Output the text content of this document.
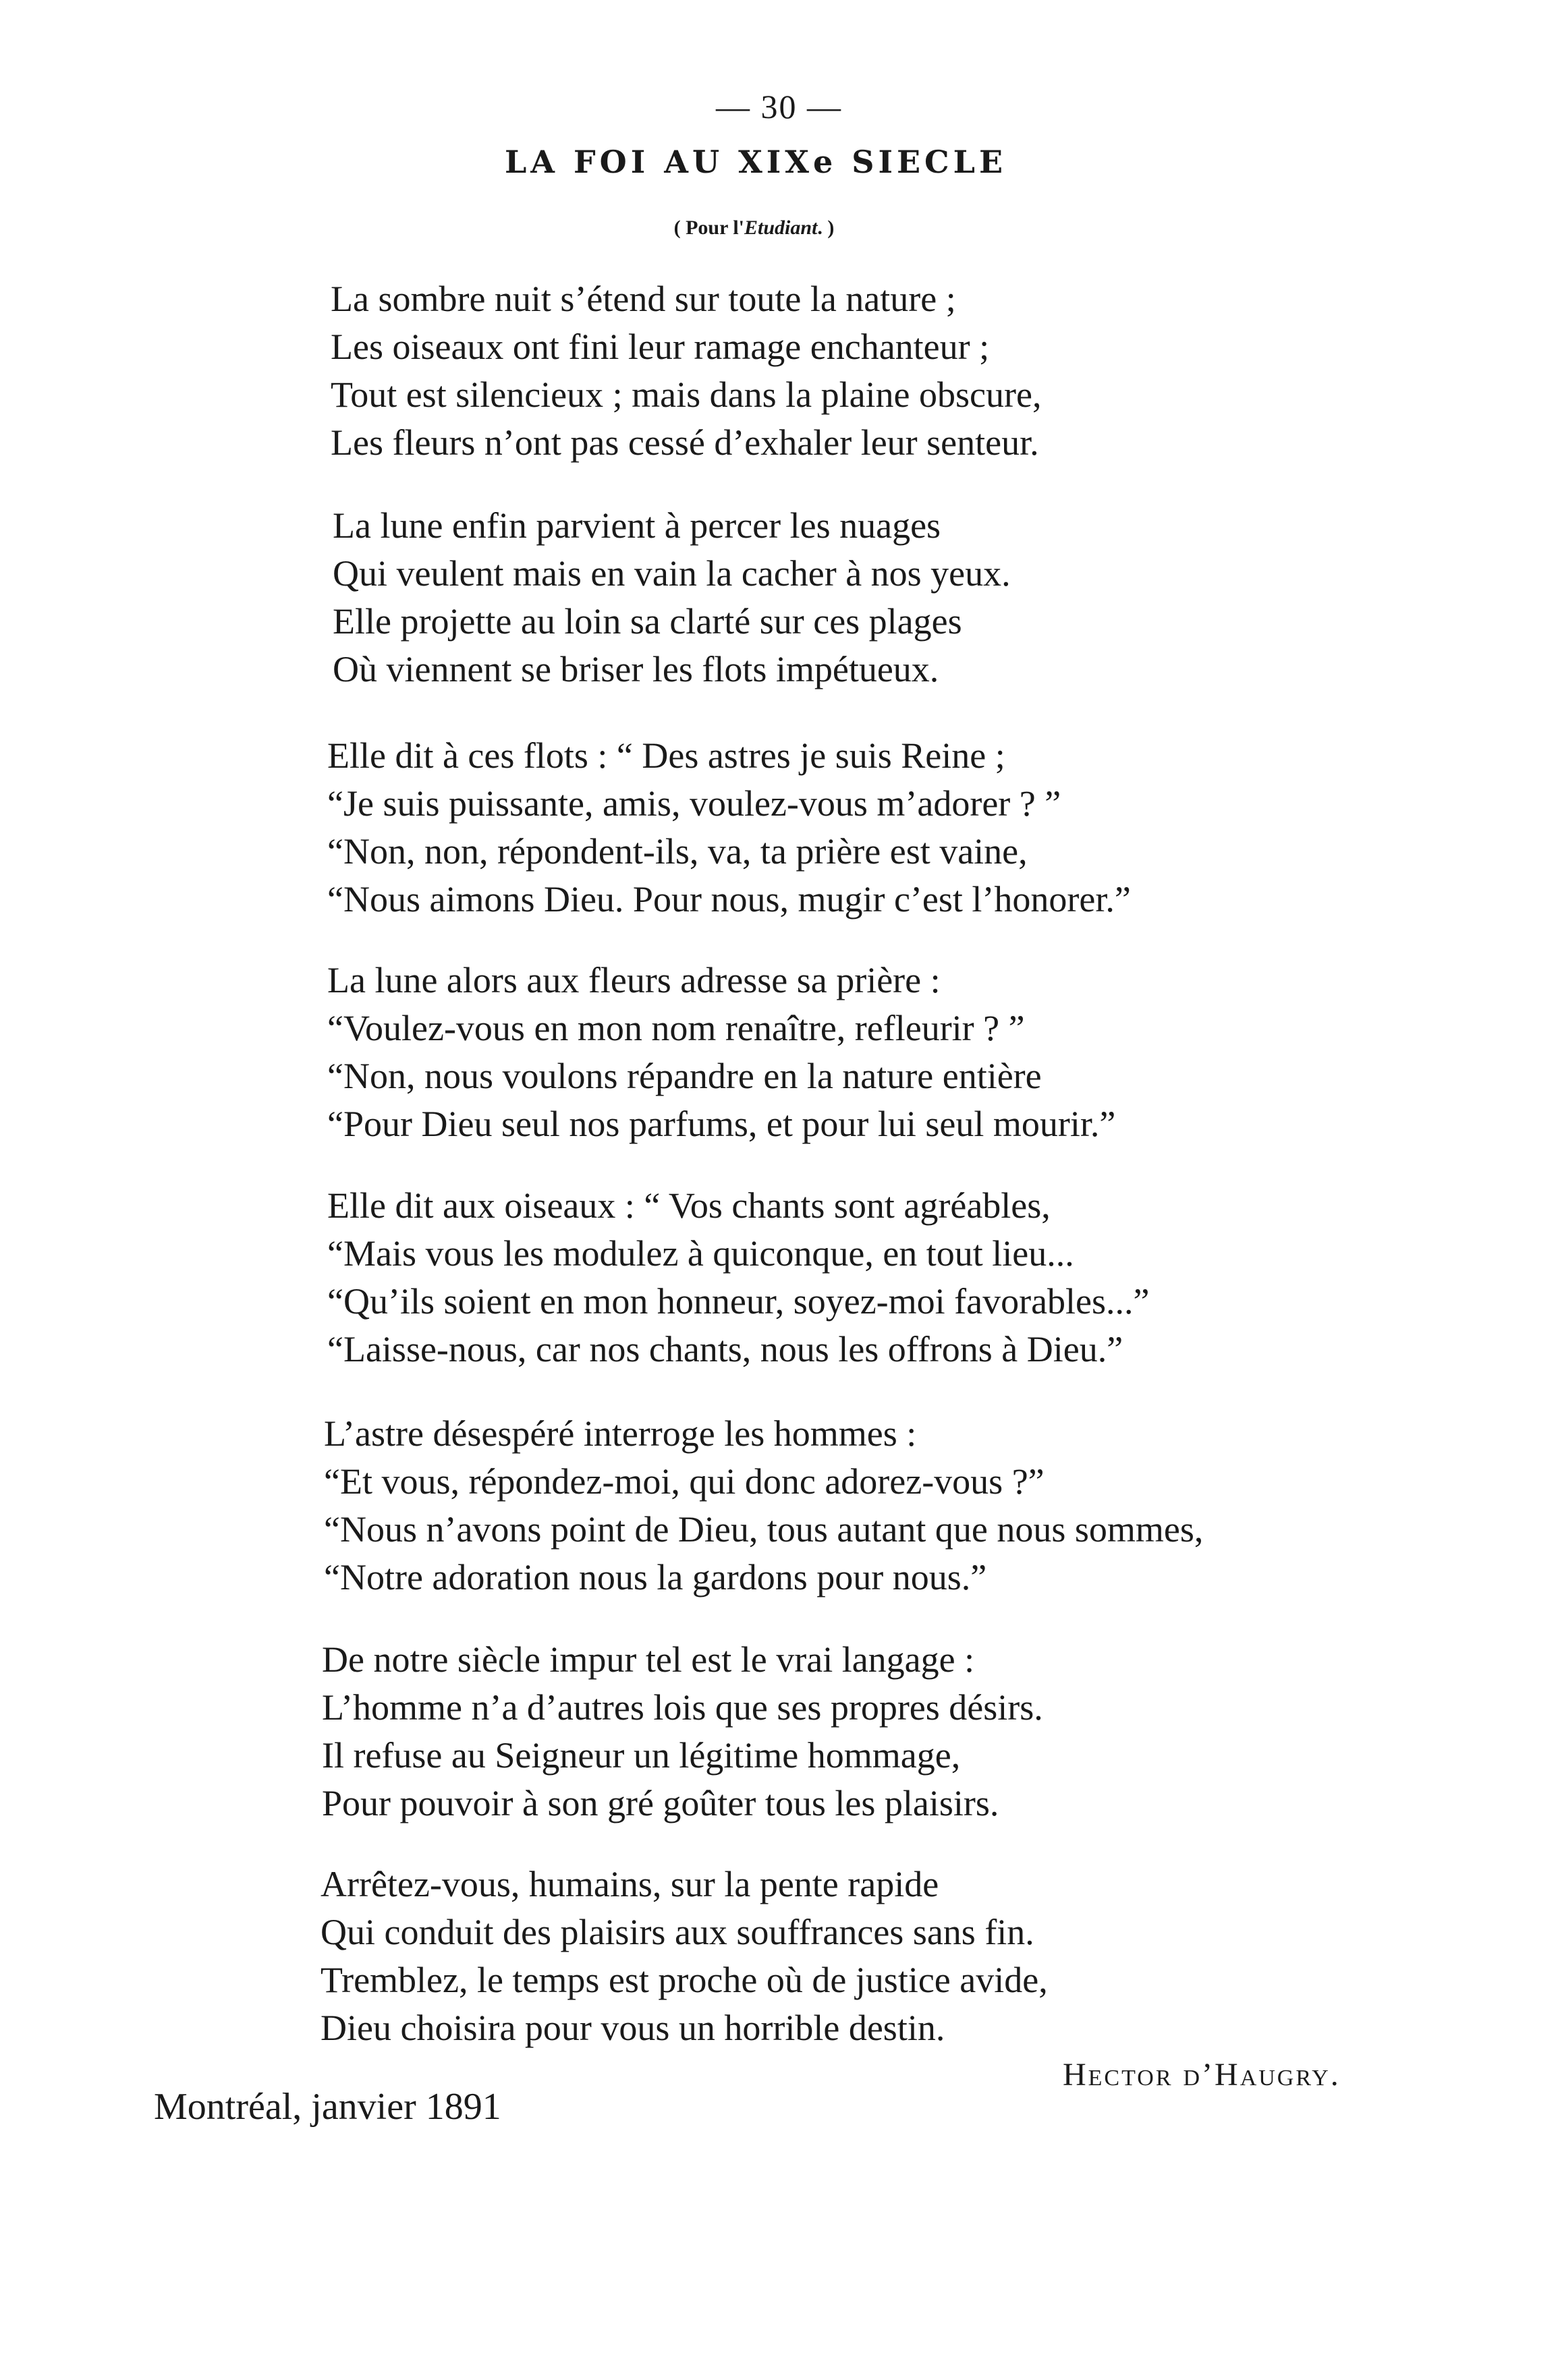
— 30 —
LA FOI AU XIXe SIECLE
( Pour l'Etudiant. )
La sombre nuit s’étend sur toute la nature ;
Les oiseaux ont fini leur ramage enchanteur ;
Tout est silencieux ; mais dans la plaine obscure,
Les fleurs n’ont pas cessé d’exhaler leur senteur.
La lune enfin parvient à percer les nuages
Qui veulent mais en vain la cacher à nos yeux.
Elle projette au loin sa clarté sur ces plages
Où viennent se briser les flots impétueux.
Elle dit à ces flots : “ Des astres je suis Reine ;
“Je suis puissante, amis, voulez-vous m’adorer ? ”
“Non, non, répondent-ils, va, ta prière est vaine,
“Nous aimons Dieu. Pour nous, mugir c’est l’honorer.”
La lune alors aux fleurs adresse sa prière :
“Voulez-vous en mon nom renaître, refleurir ? ”
“Non, nous voulons répandre en la nature entière
“Pour Dieu seul nos parfums, et pour lui seul mourir.”
Elle dit aux oiseaux : “ Vos chants sont agréables,
“Mais vous les modulez à quiconque, en tout lieu...
“Qu’ils soient en mon honneur, soyez-moi favorables...”
“Laisse-nous, car nos chants, nous les offrons à Dieu.”
L’astre désespéré interroge les hommes :
“Et vous, répondez-moi, qui donc adorez-vous ?”
“Nous n’avons point de Dieu, tous autant que nous sommes,
“Notre adoration nous la gardons pour nous.”
De notre siècle impur tel est le vrai langage :
L’homme n’a d’autres lois que ses propres désirs.
Il refuse au Seigneur un légitime hommage,
Pour pouvoir à son gré goûter tous les plaisirs.
Arrêtez-vous, humains, sur la pente rapide
Qui conduit des plaisirs aux souffrances sans fin.
Tremblez, le temps est proche où de justice avide,
Dieu choisira pour vous un horrible destin.
Hector d’Haugry.
Montréal, janvier 1891
